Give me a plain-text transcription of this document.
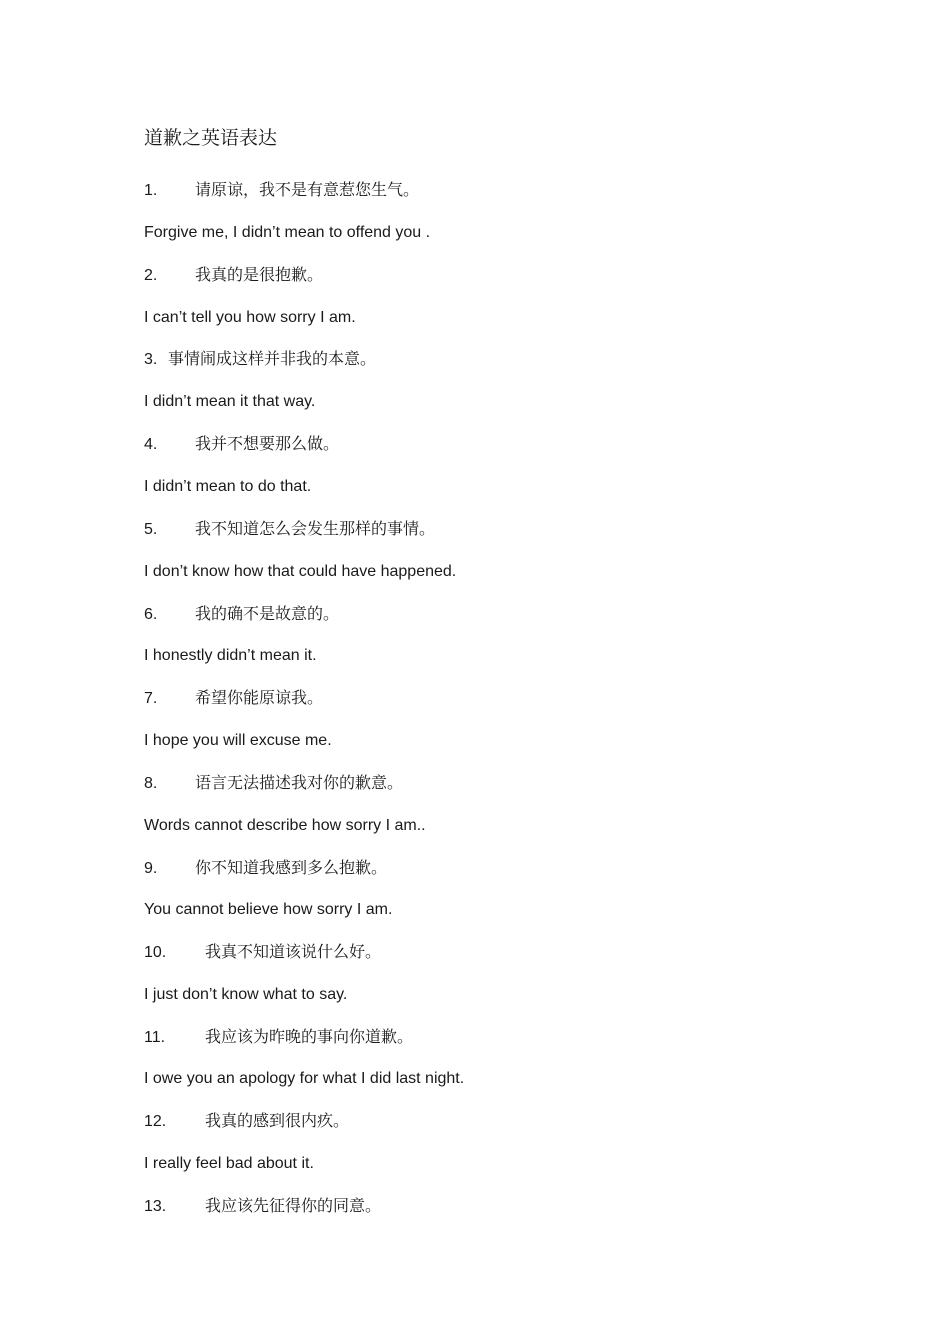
道歉之英语表达
1. 请原谅，我不是有意惹您生气。
Forgive me, I didn’t mean to offend you .
2. 我真的是很抱歉。
I can’t tell you how sorry I am.
3. 事情闹成这样并非我的本意。
I didn’t mean it that way.
4. 我并不想要那么做。
I didn’t mean to do that.
5. 我不知道怎么会发生那样的事情。
I don’t know how that could have happened.
6. 我的确不是故意的。
I honestly didn’t mean it.
7. 希望你能原谅我。
I hope you will excuse me.
8. 语言无法描述我对你的歉意。
Words cannot describe how sorry I am..
9. 你不知道我感到多么抱歉。
You cannot believe how sorry I am.
10. 我真不知道该说什么好。
I just don’t know what to say.
11. 我应该为昨晚的事向你道歉。
I owe you an apology for what I did last night.
12. 我真的感到很内疚。
I really feel bad about it.
13. 我应该先征得你的同意。
